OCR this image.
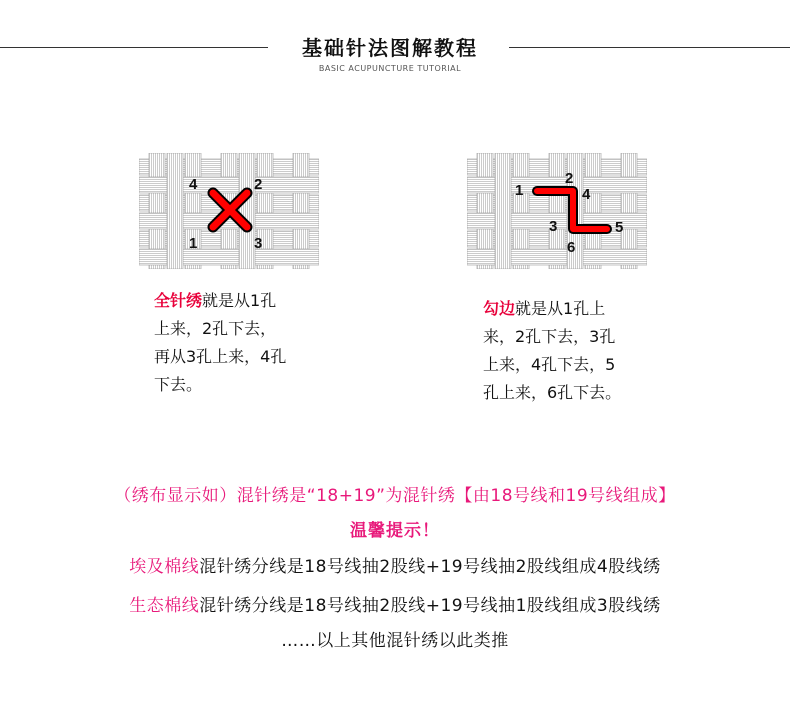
基础针法图解教程
BASIC ACUPUNCTURE TUTORIAL
4	2
1	3
1
2
4
3	5
6
全针绣就是从1孔
上来，2孔下去，
再从3孔上来，4孔
下去。
勾边就是从1孔上
来，2孔下去，3孔
上来，4孔下去，5
孔上来，6孔下去。
（绣布显示如）混针绣是“18+19”为混针绣【由18号线和19号线组成】
温馨提示！
埃及棉线混针绣分线是18号线抽2股线+19号线抽2股线组成4股线绣
生态棉线混针绣分线是18号线抽2股线+19号线抽1股线组成3股线绣
……以上其他混针绣以此类推
